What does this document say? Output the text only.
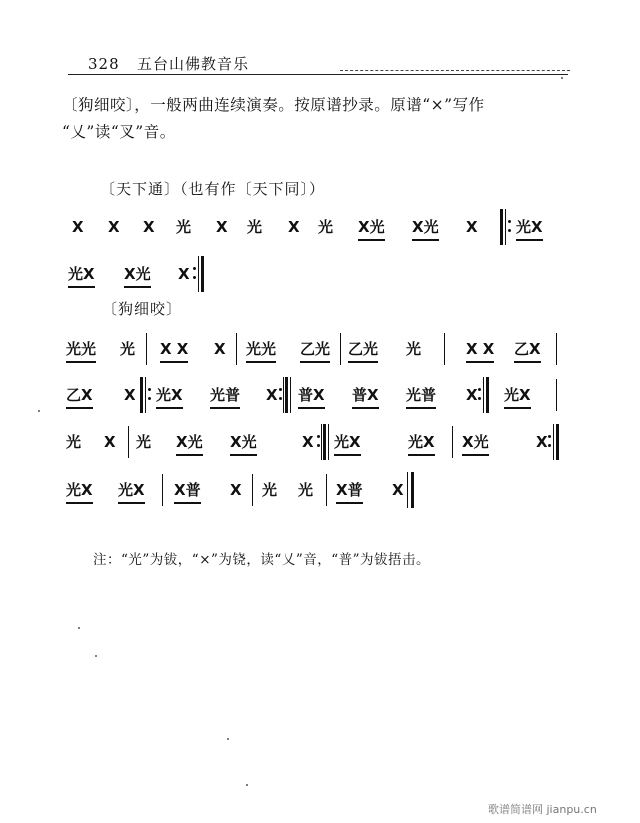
328 五台山佛教音乐
〔狗细咬〕，一般两曲连续演奏。按原谱抄录。原谱“×”写作
“乂”读“叉”音。
〔天下通〕（也有作〔天下同〕）
X X X 光 X 光 X 光 X光 X光 X	光X
光X X光 X
〔狗细咬〕
光光 光 X X X 光光 乙光 乙光 光	X X 乙X
乙X X 光X 光普 X 普X 普X 光普 X 光X
光 X 光 X光 X光	X 光X	光X X光	X
光X 光X X普 X 光 光 X普 X
注：“光”为钹，“×”为铙，读“乂”音，“普”为钹捂击。
歌谱简谱网 jianpu.cn
